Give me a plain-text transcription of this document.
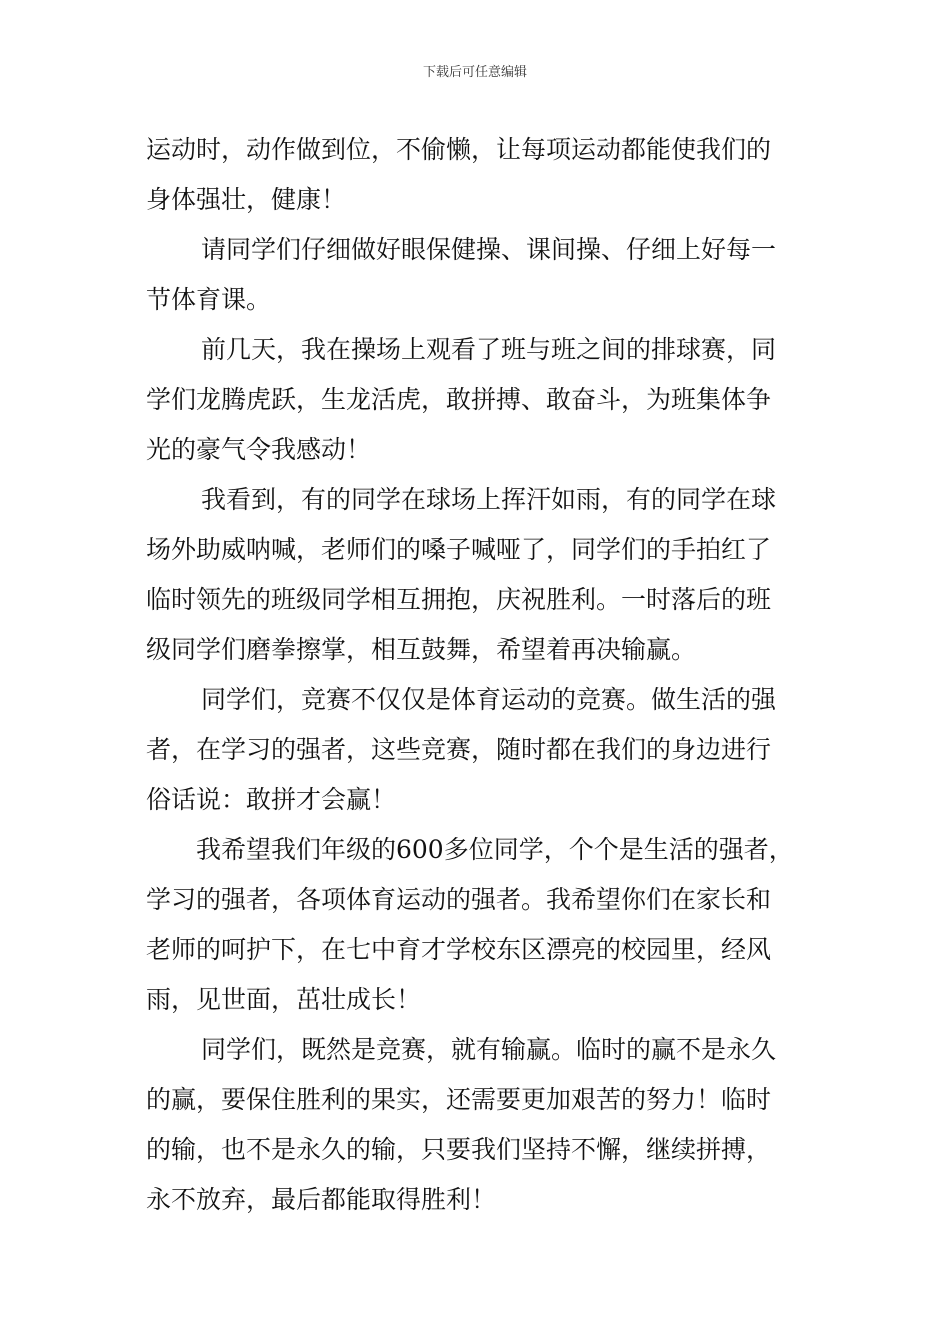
下载后可任意编辑
运动时，动作做到位，不偷懒，让每项运动都能使我们的
身体强壮，健康！
请同学们仔细做好眼保健操、课间操、仔细上好每一
节体育课。
前几天，我在操场上观看了班与班之间的排球赛，同
学们龙腾虎跃，生龙活虎，敢拼搏、敢奋斗，为班集体争
光的豪气令我感动！
我看到，有的同学在球场上挥汗如雨，有的同学在球
场外助威呐喊，老师们的嗓子喊哑了，同学们的手拍红了
临时领先的班级同学相互拥抱，庆祝胜利。一时落后的班
级同学们磨拳擦掌，相互鼓舞，希望着再决输赢。
同学们，竞赛不仅仅是体育运动的竞赛。做生活的强
者，在学习的强者，这些竞赛，随时都在我们的身边进行
俗话说：敢拼才会赢！
我希望我们年级的600多位同学，个个是生活的强者，
学习的强者，各项体育运动的强者。我希望你们在家长和
老师的呵护下，在七中育才学校东区漂亮的校园里，经风
雨，见世面，茁壮成长！
同学们，既然是竞赛，就有输赢。临时的赢不是永久
的赢，要保住胜利的果实，还需要更加艰苦的努力！临时
的输，也不是永久的输，只要我们坚持不懈，继续拼搏，
永不放弃，最后都能取得胜利！
